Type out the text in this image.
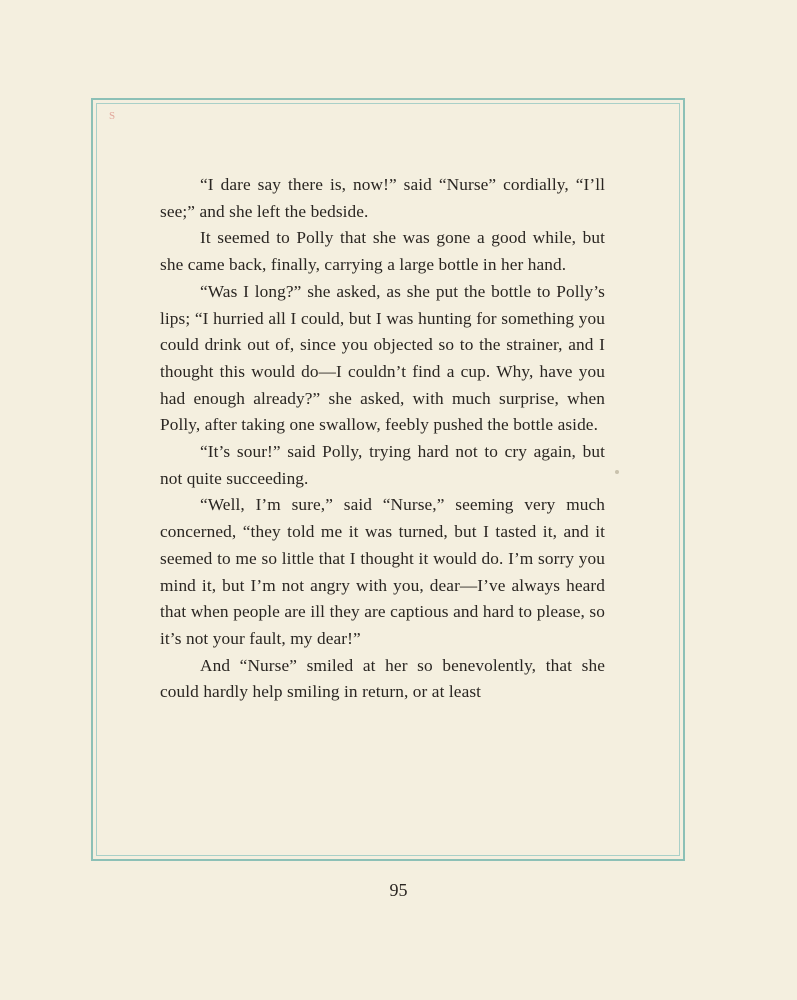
S

“I dare say there is, now!” said “Nurse” cordially, “I’ll see;” and she left the bedside.

It seemed to Polly that she was gone a good while, but she came back, finally, carrying a large bottle in her hand.

“Was I long?” she asked, as she put the bottle to Polly’s lips; “I hurried all I could, but I was hunting for something you could drink out of, since you objected so to the strainer, and I thought this would do—I couldn’t find a cup. Why, have you had enough already?” she asked, with much surprise, when Polly, after taking one swallow, feebly pushed the bottle aside.

“It’s sour!” said Polly, trying hard not to cry again, but not quite succeeding.

“Well, I’m sure,” said “Nurse,” seeming very much concerned, “they told me it was turned, but I tasted it, and it seemed to me so little that I thought it would do. I’m sorry you mind it, but I’m not angry with you, dear—I’ve always heard that when people are ill they are captious and hard to please, so it’s not your fault, my dear!”

And “Nurse” smiled at her so benevolently, that she could hardly help smiling in return, or at least

95
